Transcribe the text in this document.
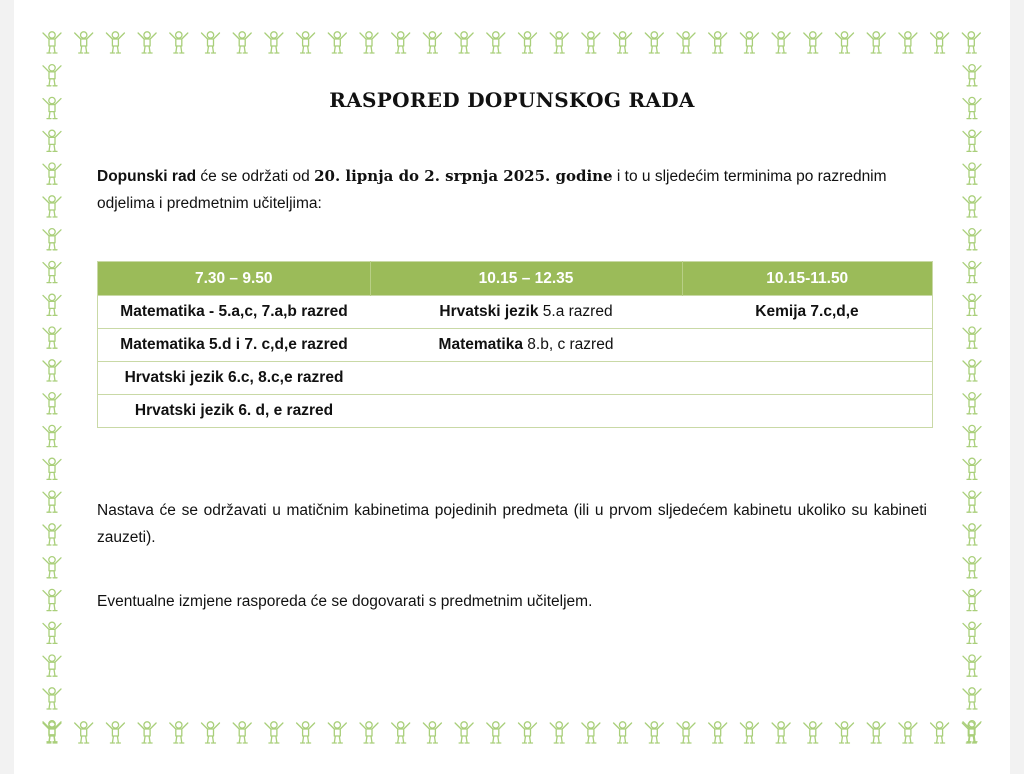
RASPORED DOPUNSKOG RADA
Dopunski rad će se održati od 20. lipnja do 2. srpnja 2025. godine i to u sljedećim terminima po razrednim odjelima i predmetnim učiteljima:
7.30 – 9.50	10.15 – 12.35	10.15-11.50
Matematika - 5.a,c, 7.a,b razred	Hrvatski jezik 5.a razred	Kemija 7.c,d,e
Matematika 5.d i 7. c,d,e razred	Matematika 8.b, c razred	
Hrvatski jezik 6.c, 8.c,e razred		
Hrvatski jezik 6. d, e razred		
Nastava će se održavati u matičnim kabinetima pojedinih predmeta (ili u prvom sljedećem kabinetu ukoliko su kabineti zauzeti).
Eventualne izmjene rasporeda će se dogovarati s predmetnim učiteljem.
